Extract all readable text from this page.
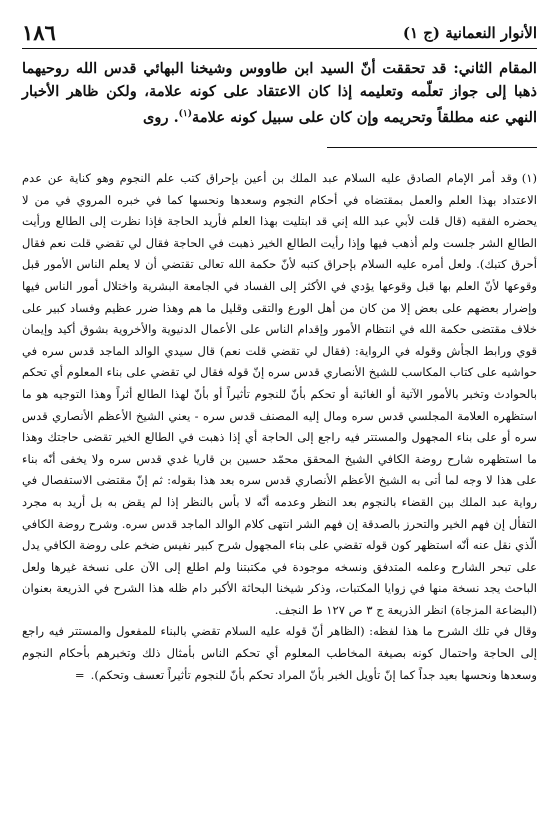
الأنوار النعمانية (ج ١)
١٨٦
المقام الثاني: قد تحققت أنّ السيد ابن طاووس وشيخنا البهائي قدس الله روحيهما ذهبا إلى جواز تعلّمه وتعليمه إذا كان الاعتقاد على كونه علامة، ولكن ظاهر الأخبار النهي عنه مطلقاً وتحريمه وإن كان على سبيل كونه علامة$^{(١)}$. روى

(١)وقد أمر الإمام الصادق عليه السلام عبد الملك بن أعين بإحراق كتب علم النجوم وهو كناية عن عدم الاعتداد بهذا العلم والعمل بمقتضاه في أحكام النجوم وسعدها ونحسها كما في خبره المروي في من لا يحضره الفقيه (قال قلت لأبي عبد الله إني قد ابتليت بهذا العلم فأريد الحاجة فإذا نظرت إلى الطالع ورأيت الطالع الشر جلست ولم أذهب فيها وإذا رأيت الطالع الخير ذهبت في الحاجة فقال لي تقضي قلت نعم فقال أحرق كتبك). ولعل أمره عليه السلام بإحراق كتبه لأنّ حكمة الله تعالى تقتضي أن لا يعلم الناس الأمور قبل وقوعها لأنّ العلم بها قبل وقوعها يؤدي في الأكثر إلى الفساد في الجامعة البشرية واختلال أمور الناس فيها وإضرار بعضهم على بعض إلا من كان من أهل الورع والتقى وقليل ما هم وهذا ضرر عظيم وفساد كبير على خلاف مقتضى حكمة الله في انتظام الأمور وإقدام الناس على الأعمال الدنيوية والأخروية بشوق أكيد وإيمان قوي ورابط الجأش وقوله في الرواية: (فقال لي تقضي قلت نعم) قال سيدي الوالد الماجد قدس سره في حواشيه على كتاب المكاسب للشيخ الأنصاري قدس سره إنّ قوله فقال لي تقضي على بناء المعلوم أي تحكم بالحوادث وتخبر بالأمور الآتية أو الغائبة أو تحكم بأنّ للنجوم تأثيراً أو بأنّ لهذا الطالع أثراً وهذا التوجيه هو ما استظهره العلامة المجلسي قدس سره ومال إليه المصنف قدس سره - يعني الشيخ الأعظم الأنصاري قدس سره أو على بناء المجهول والمستتر فيه راجع إلى الحاجة أي إذا ذهبت في الطالع الخير تقضى حاجتك وهذا ما استظهره شارح روضة الكافي الشيخ المحقق محمّد حسين بن قاريا غدي قدس سره ولا يخفى أنّه بناء على هذا لا وجه لما أتى به الشيخ الأعظم الأنصاري قدس سره بعد هذا بقوله: ثم إنّ مقتضى الاستفصال في رواية عبد الملك بين القضاء بالنجوم بعد النظر وعدمه أنّه لا بأس بالنظر إذا لم يقض به بل أريد به مجرد التفأل إن فهم الخير والتحرز بالصدقة إن فهم الشر انتهى كلام الوالد الماجد قدس سره. وشرح روضة الكافي الّذي نقل عنه أنّه استظهر كون قوله تقضي على بناء المجهول شرح كبير نفيس ضخم على روضة الكافي يدل على تبحر الشارح وعلمه المتدفق ونسخه موجودة في مكتبتنا ولم اطلع إلى الآن على نسخة غيرها ولعل الباحث يجد نسخة منها في زوايا المكتبات، وذكر شيخنا البحاثة الأكبر دام ظله هذا الشرح في الذريعة بعنوان (البضاعة المزجاة) انظر الذريعة ج ٣ ص ١٢٧ ط النجف.

وقال في تلك الشرح ما هذا لفظه: (الظاهر أنّ قوله عليه السلام تقضي بالبناء للمفعول والمستتر فيه راجع إلى الحاجة واحتمال كونه بصيغة المخاطب المعلوم أي تحكم الناس بأمثال ذلك وتخبرهم بأحكام النجوم وسعدها ونحسها بعيد جداً كما إنّ تأويل الخبر بأنّ المراد تحكم بأنّ للنجوم تأثيراً تعسف وتحكم).=
